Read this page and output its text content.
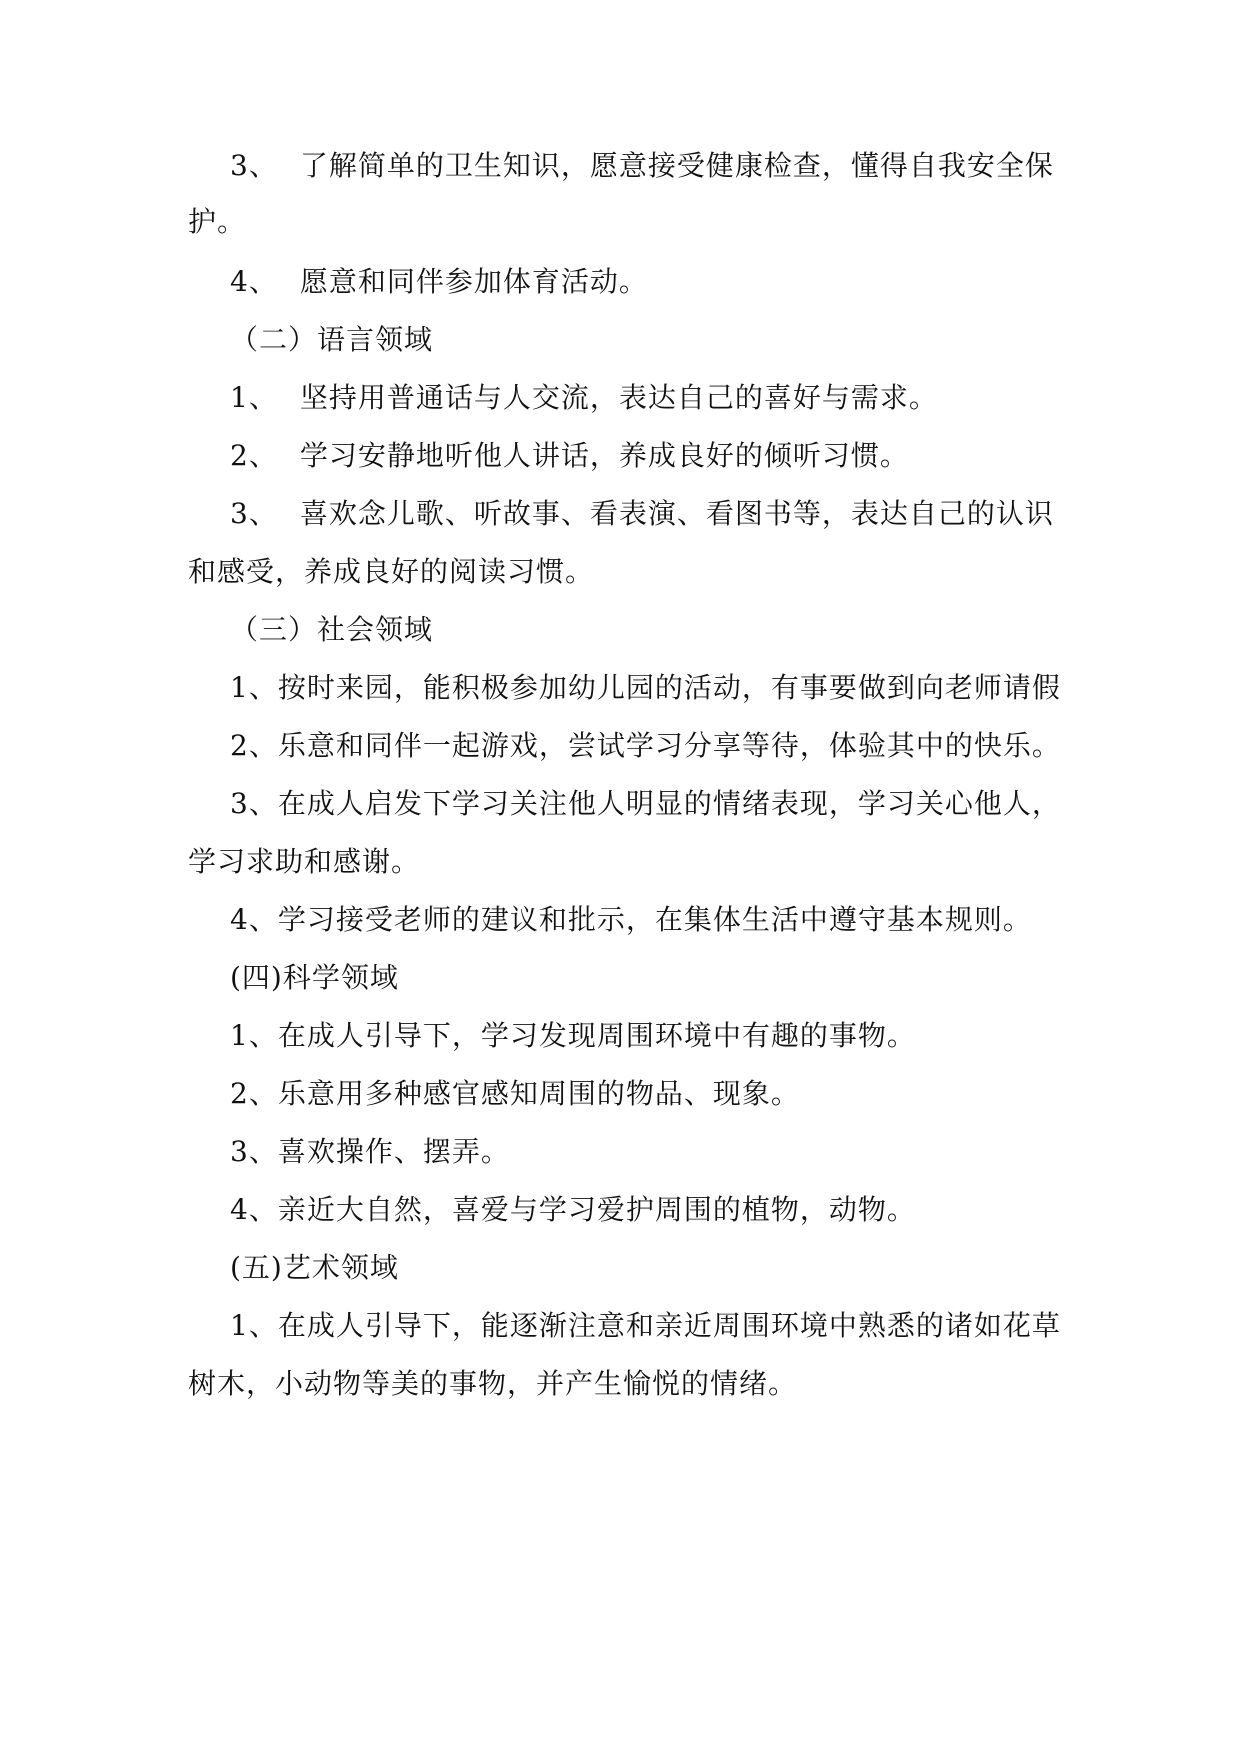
3、 了解简单的卫生知识，愿意接受健康检查，懂得自我安全保
护。
4、 愿意和同伴参加体育活动。
（二）语言领域
1、 坚持用普通话与人交流，表达自己的喜好与需求。
2、 学习安静地听他人讲话，养成良好的倾听习惯。
3、 喜欢念儿歌、听故事、看表演、看图书等，表达自己的认识
和感受，养成良好的阅读习惯。
（三）社会领域
1、按时来园，能积极参加幼儿园的活动，有事要做到向老师请假
2、乐意和同伴一起游戏，尝试学习分享等待，体验其中的快乐。
3、在成人启发下学习关注他人明显的情绪表现，学习关心他人，
学习求助和感谢。
4、学习接受老师的建议和批示，在集体生活中遵守基本规则。
(四)科学领域
1、在成人引导下，学习发现周围环境中有趣的事物。
2、乐意用多种感官感知周围的物品、现象。
3、喜欢操作、摆弄。
4、亲近大自然，喜爱与学习爱护周围的植物，动物。
(五)艺术领域
1、在成人引导下，能逐渐注意和亲近周围环境中熟悉的诸如花草
树木，小动物等美的事物，并产生愉悦的情绪。
